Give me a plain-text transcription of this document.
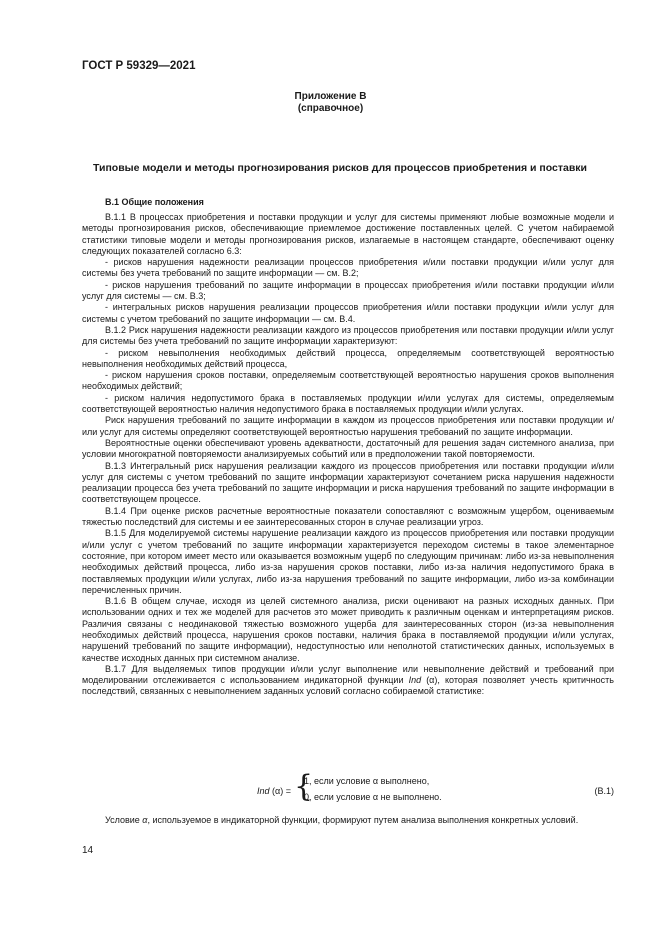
ГОСТ Р 59329—2021
Приложение В
(справочное)
Типовые модели и методы прогнозирования рисков для процессов приобретения и поставки
В.1 Общие положения

В.1.1 В процессах приобретения и поставки продукции и услуг для системы применяют любые возможные модели и методы прогнозирования рисков, обеспечивающие приемлемое достижение поставленных целей. С учетом набираемой статистики типовые модели и методы прогнозирования рисков, излагаемые в настоящем стандарте, обеспечивают оценку следующих показателей согласно 6.3:

- рисков нарушения надежности реализации процессов приобретения и/или поставки продукции и/или услуг для системы без учета требований по защите информации — см. В.2;

- рисков нарушения требований по защите информации в процессах приобретения и/или поставки продукции и/или услуг для системы — см. В.3;

- интегральных рисков нарушения реализации процессов приобретения и/или поставки продукции и/или услуг для системы с учетом требований по защите информации — см. В.4.

В.1.2 Риск нарушения надежности реализации каждого из процессов приобретения или поставки продукции и/или услуг для системы без учета требований по защите информации характеризуют:

- риском невыполнения необходимых действий процесса, определяемым соответствующей вероятностью невыполнения необходимых действий процесса,

- риском нарушения сроков поставки, определяемым соответствующей вероятностью нарушения сроков выполнения необходимых действий;

- риском наличия недопустимого брака в поставляемых продукции и/или услугах для системы, определяемым соответствующей вероятностью наличия недопустимого брака в поставляемых продукции и/или услугах.

Риск нарушения требований по защите информации в каждом из процессов приобретения или поставки продукции и/или услуг для системы определяют соответствующей вероятностью нарушения требований по защите информации.

Вероятностные оценки обеспечивают уровень адекватности, достаточный для решения задач системного анализа, при условии многократной повторяемости анализируемых событий или в предположении такой повторяемости.

В.1.3 Интегральный риск нарушения реализации каждого из процессов приобретения или поставки продукции и/или услуг для системы с учетом требований по защите информации характеризуют сочетанием риска нарушения надежности реализации процесса без учета требований по защите информации и риска нарушения требований по защите информации в соответствующем процессе.

В.1.4 При оценке рисков расчетные вероятностные показатели сопоставляют с возможным ущербом, оцениваемым тяжестью последствий для системы и ее заинтересованных сторон в случае реализации угроз.

В.1.5 Для моделируемой системы нарушение реализации каждого из процессов приобретения или поставки продукции и/или услуг с учетом требований по защите информации характеризуется переходом системы в такое элементарное состояние, при котором имеет место или оказывается возможным ущерб по следующим причинам: либо из-за невыполнения необходимых действий процесса, либо из-за нарушения сроков поставки, либо из-за наличия недопустимого брака в поставляемых продукции и/или услугах, либо из-за нарушения требований по защите информации, либо из-за комбинации перечисленных причин.

В.1.6 В общем случае, исходя из целей системного анализа, риски оценивают на разных исходных данных. При использовании одних и тех же моделей для расчетов это может приводить к различным оценкам и интерпретациям рисков. Различия связаны с неодинаковой тяжестью возможного ущерба для заинтересованных сторон (из-за невыполнения необходимых действий процесса, нарушения сроков поставки, наличия брака в поставляемой продукции и/или услугах, нарушений требований по защите информации), недоступностью или неполнотой статистических данных, используемых в качестве исходных данных при системном анализе.

В.1.7 Для выделяемых типов продукции и/или услуг выполнение или невыполнение действий и требований при моделировании отслеживается с использованием индикаторной функции Ind (α), которая позволяет учесть критичность последствий, связанных с невыполнением заданных условий согласно собираемой статистике:

Ind (α) = {
1, если условие α выполнено,
0, если условие α не выполнено.
(В.1)

Условие α, используемое в индикаторной функции, формируют путем анализа выполнения конкретных условий.

14
